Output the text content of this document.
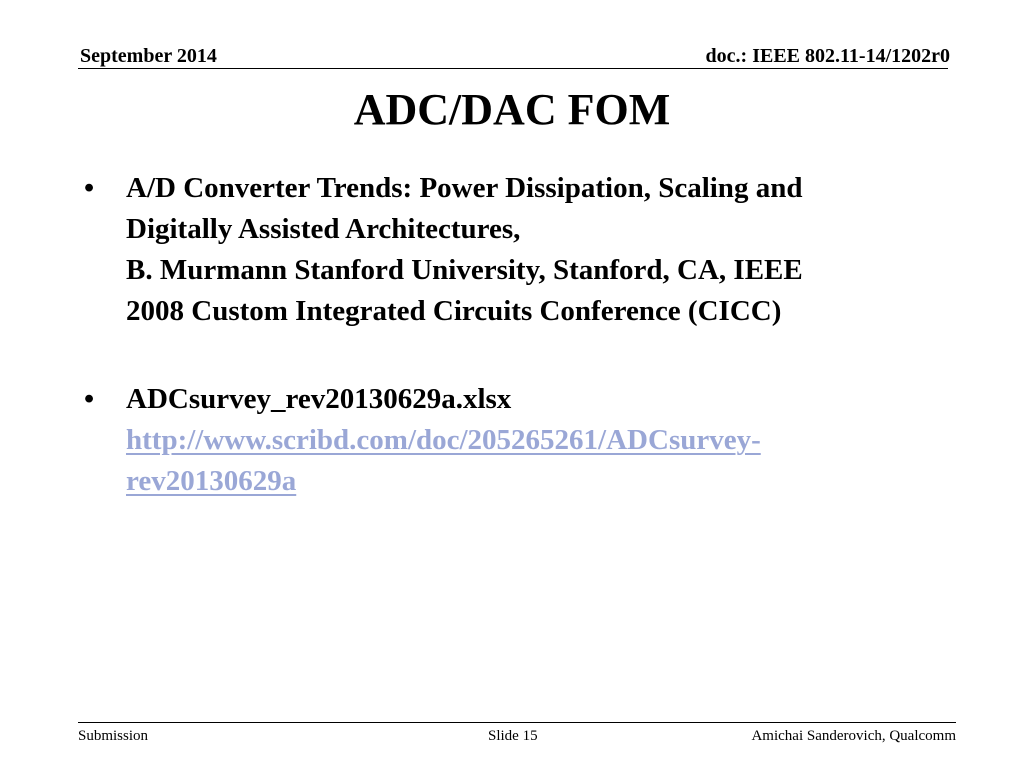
September 2014	doc.: IEEE 802.11-14/1202r0
ADC/DAC FOM
•	A/D Converter Trends: Power Dissipation, Scaling and
Digitally Assisted Architectures,
B. Murmann Stanford University, Stanford, CA, IEEE
2008 Custom Integrated Circuits Conference (CICC)
•	ADCsurvey_rev20130629a.xlsx
http://www.scribd.com/doc/205265261/ADCsurvey-
rev20130629a
Submission	Slide 15	Amichai Sanderovich, Qualcomm
